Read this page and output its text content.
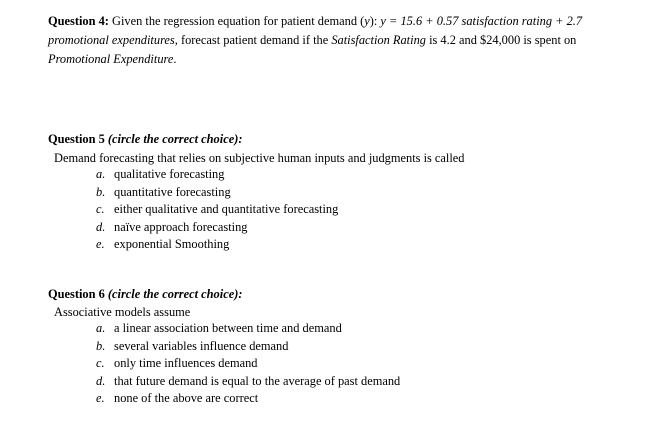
Question 4: Given the regression equation for patient demand (y): y = 15.6 + 0.57 satisfaction rating + 2.7 promotional expenditures, forecast patient demand if the Satisfaction Rating is 4.2 and $24,000 is spent on Promotional Expenditure.

Question 5 (circle the correct choice):

Demand forecasting that relies on subjective human inputs and judgments is called

a. qualitative forecasting
b. quantitative forecasting
c. either qualitative and quantitative forecasting
d. naïve approach forecasting
e. exponential Smoothing

Question 6 (circle the correct choice):

Associative models assume

a. a linear association between time and demand
b. several variables influence demand
c. only time influences demand
d. that future demand is equal to the average of past demand
e. none of the above are correct
